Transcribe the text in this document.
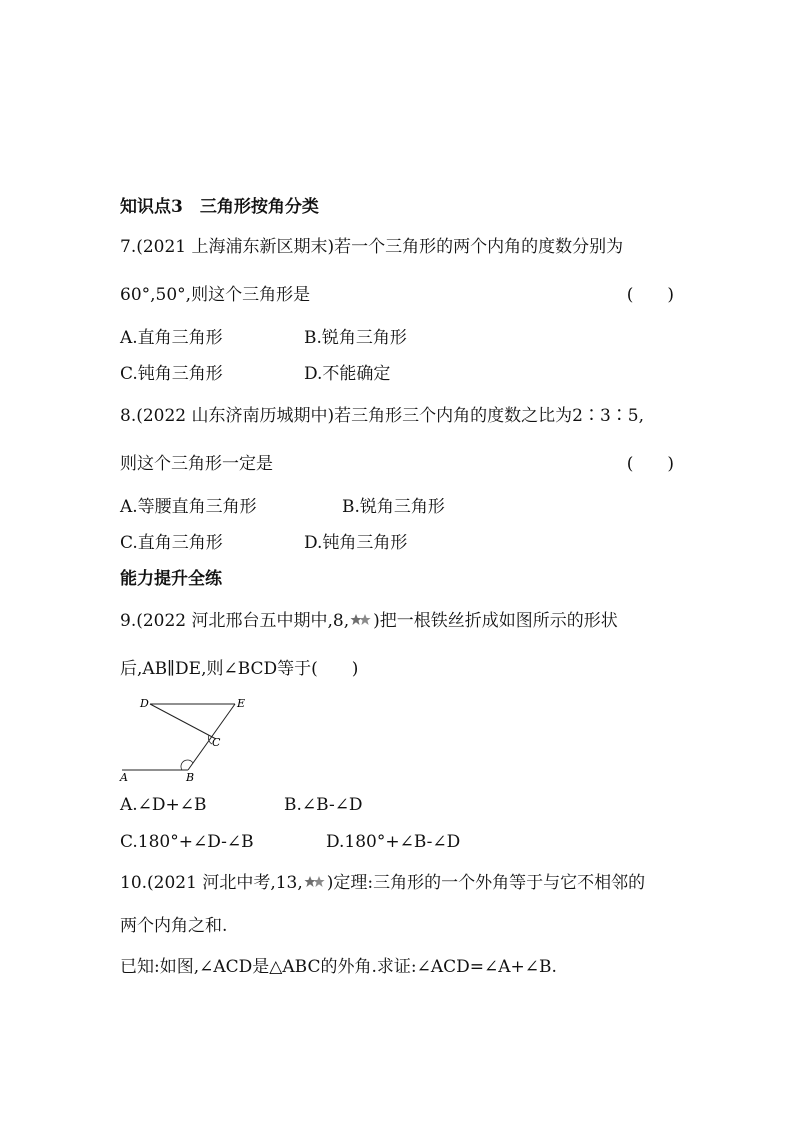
知识点3　三角形按角分类
7.(2021 上海浦东新区期末)若一个三角形的两个内角的度数分别为
60°,50°,则这个三角形是	(　　)
A.直角三角形	B.锐角三角形
C.钝角三角形	D.不能确定
8.(2022 山东济南历城期中)若三角形三个内角的度数之比为2∶3∶5,
则这个三角形一定是	(　　)
A.等腰直角三角形	B.锐角三角形
C.直角三角形	D.钝角三角形
能力提升全练
9.(2022 河北邢台五中期中,8, )把一根铁丝折成如图所示的形状
后,AB∥DE,则∠BCD等于(　　)
D	E
C
A	B
A.∠D+∠B	B.∠B-∠D
C.180°+∠D-∠B	D.180°+∠B-∠D
10.(2021 河北中考,13, )定理:三角形的一个外角等于与它不相邻的
两个内角之和.
已知:如图,∠ACD是△ABC的外角.求证:∠ACD=∠A+∠B.
